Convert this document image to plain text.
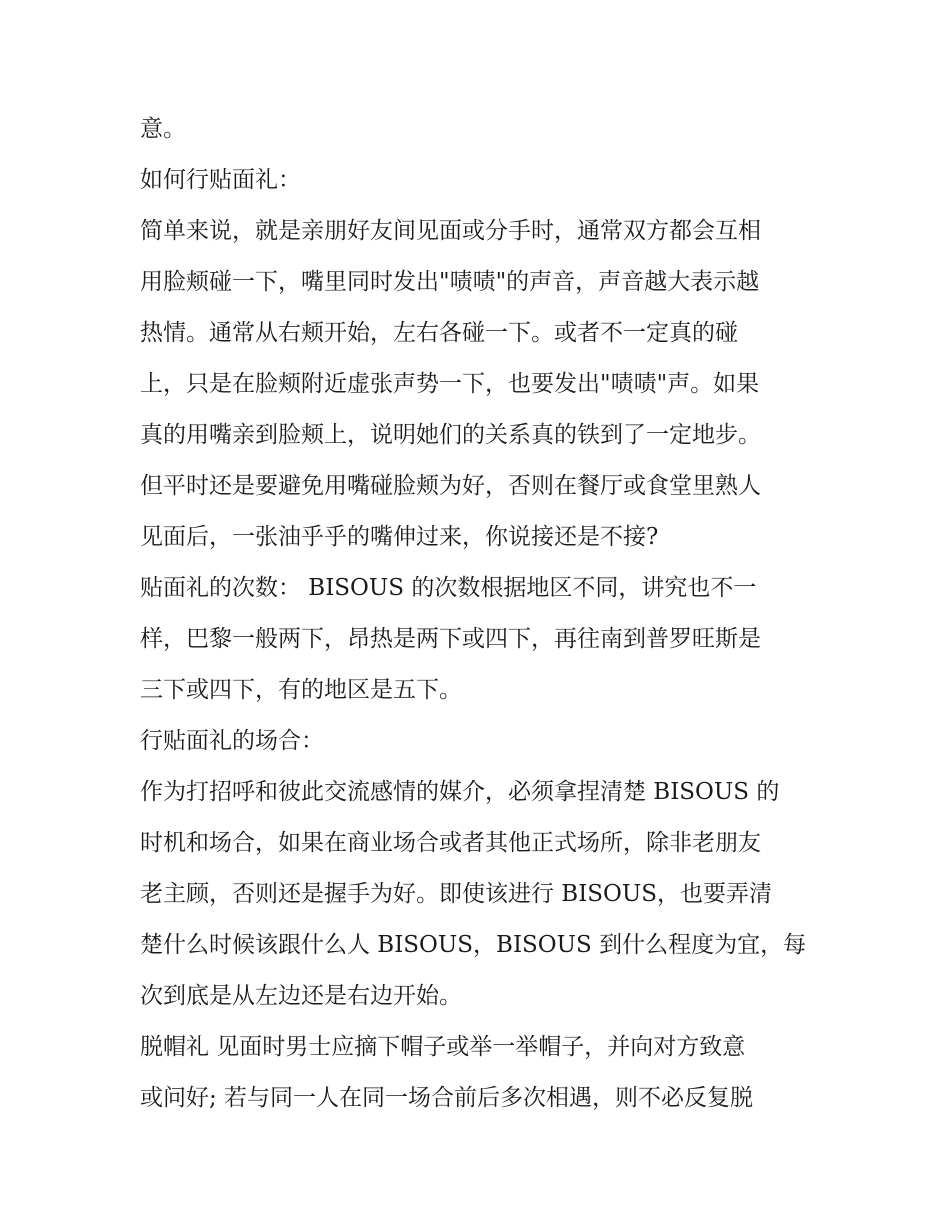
意。
如何行贴面礼：
简单来说，就是亲朋好友间见面或分手时，通常双方都会互相
用脸颊碰一下，嘴里同时发出"啧啧"的声音，声音越大表示越
热情。通常从右颊开始，左右各碰一下。或者不一定真的碰
上，只是在脸颊附近虚张声势一下，也要发出"啧啧"声。如果
真的用嘴亲到脸颊上，说明她们的关系真的铁到了一定地步。
但平时还是要避免用嘴碰脸颊为好，否则在餐厅或食堂里熟人
见面后，一张油乎乎的嘴伸过来，你说接还是不接?
贴面礼的次数： BISOUS 的次数根据地区不同，讲究也不一
样，巴黎一般两下，昂热是两下或四下，再往南到普罗旺斯是
三下或四下，有的地区是五下。
行贴面礼的场合：
作为打招呼和彼此交流感情的媒介，必须拿捏清楚 BISOUS 的
时机和场合，如果在商业场合或者其他正式场所，除非老朋友
老主顾，否则还是握手为好。即使该进行 BISOUS，也要弄清
楚什么时候该跟什么人 BISOUS，BISOUS 到什么程度为宜，每
次到底是从左边还是右边开始。
脱帽礼 见面时男士应摘下帽子或举一举帽子，并向对方致意
或问好; 若与同一人在同一场合前后多次相遇，则不必反复脱
